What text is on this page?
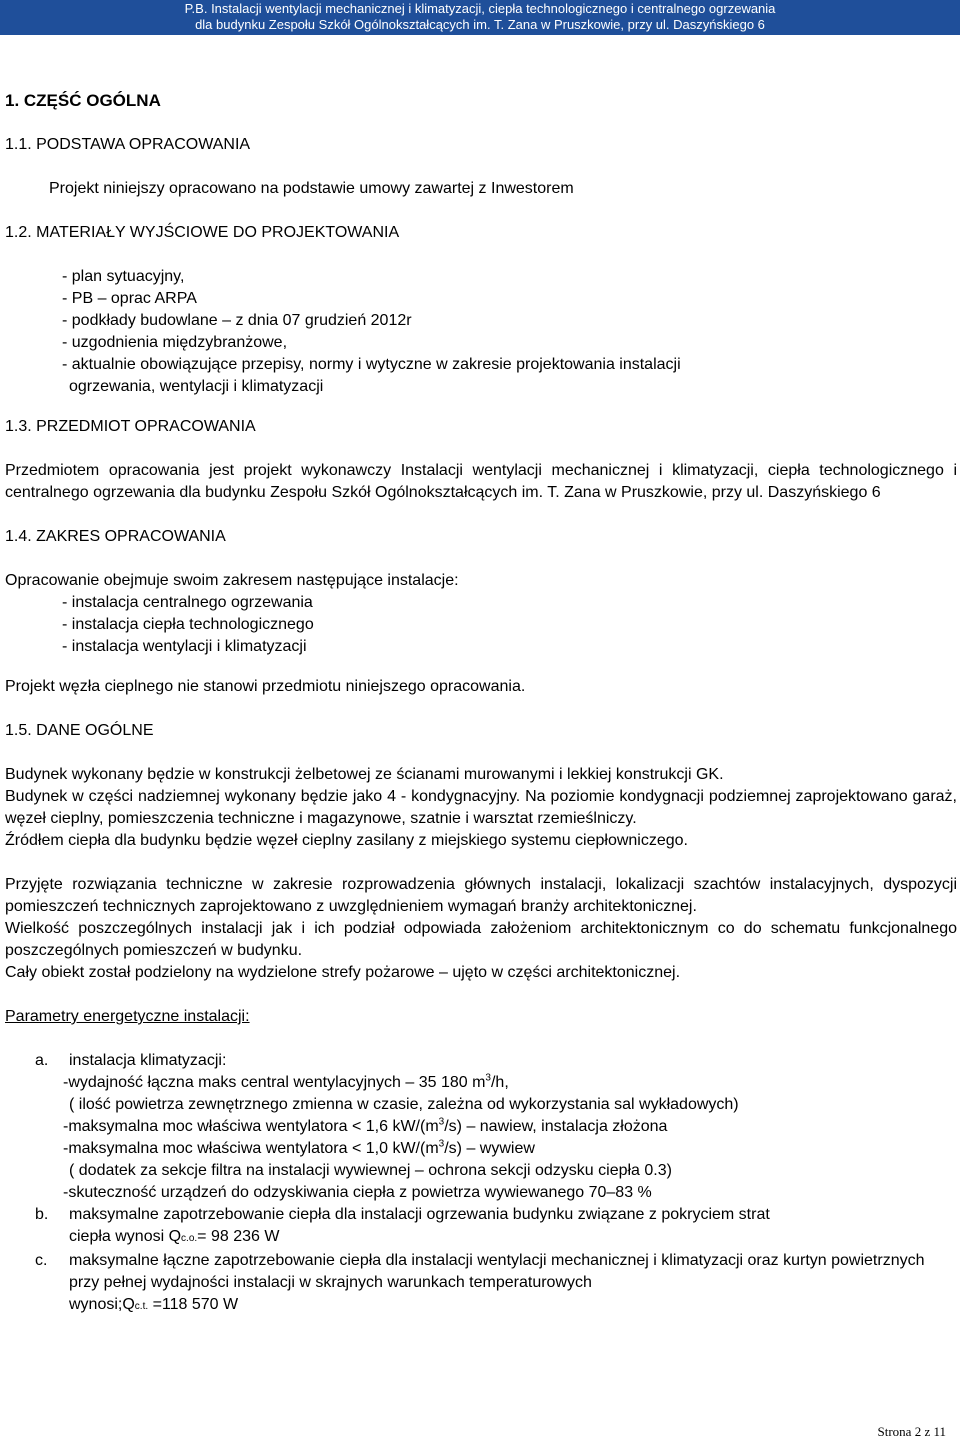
P.B. Instalacji wentylacji mechanicznej i klimatyzacji, ciepła technologicznego i centralnego ogrzewania
dla budynku Zespołu Szkół Ogólnokształcących im. T. Zana w Pruszkowie, przy ul. Daszyńskiego 6
1. CZĘŚĆ OGÓLNA
1.1. PODSTAWA OPRACOWANIA
Projekt niniejszy opracowano na podstawie umowy zawartej z Inwestorem
1.2. MATERIAŁY WYJŚCIOWE DO PROJEKTOWANIA
- plan sytuacyjny,
- PB – oprac ARPA
- podkłady budowlane – z dnia 07 grudzień 2012r
- uzgodnienia międzybranżowe,
- aktualnie obowiązujące przepisy, normy i wytyczne w zakresie projektowania instalacji
ogrzewania, wentylacji i klimatyzacji
1.3. PRZEDMIOT OPRACOWANIA
Przedmiotem opracowania jest projekt wykonawczy Instalacji wentylacji mechanicznej i klimatyzacji, ciepła technologicznego i centralnego ogrzewania dla budynku Zespołu Szkół Ogólnokształcących im. T. Zana w Pruszkowie, przy ul. Daszyńskiego 6
1.4. ZAKRES OPRACOWANIA
Opracowanie obejmuje swoim zakresem następujące instalacje:
- instalacja centralnego ogrzewania
- instalacja ciepła technologicznego
- instalacja wentylacji i klimatyzacji
Projekt węzła cieplnego nie stanowi przedmiotu niniejszego opracowania.
1.5. DANE OGÓLNE
Budynek wykonany będzie w konstrukcji żelbetowej ze ścianami murowanymi i lekkiej konstrukcji GK.
Budynek w części nadziemnej wykonany będzie jako 4 - kondygnacyjny. Na poziomie kondygnacji podziemnej zaprojektowano garaż, węzeł cieplny, pomieszczenia techniczne i magazynowe, szatnie i warsztat rzemieślniczy.
Źródłem ciepła dla budynku będzie węzeł cieplny zasilany z miejskiego systemu ciepłowniczego.
Przyjęte rozwiązania techniczne w zakresie rozprowadzenia głównych instalacji, lokalizacji szachtów instalacyjnych, dyspozycji pomieszczeń technicznych zaprojektowano z uwzględnieniem wymagań branży architektonicznej.
Wielkość poszczególnych instalacji jak i ich podział odpowiada założeniom architektonicznym co do schematu funkcjonalnego poszczególnych pomieszczeń w budynku.
Cały obiekt został podzielony na wydzielone strefy pożarowe – ujęto w części architektonicznej.
Parametry energetyczne instalacji:
a. instalacja klimatyzacji:
-wydajność łączna maks central wentylacyjnych – 35 180 $m^3/h$,
( ilość powietrza zewnętrznego zmienna w czasie, zależna od wykorzystania sal wykładowych)
-maksymalna moc właściwa wentylatora < 1,6 $kW/(m^3/s)$ – nawiew, instalacja złożona
-maksymalna moc właściwa wentylatora < 1,0 $kW/(m^3/s)$ – wywiew
( dodatek za sekcje filtra na instalacji wywiewnej – ochrona sekcji odzysku ciepła 0.3)
-skuteczność urządzeń do odzyskiwania ciepła z powietrza wywiewanego 70–83 %
b. maksymalne zapotrzebowanie ciepła dla instalacji ogrzewania budynku związane z pokryciem strat
ciepła wynosi Qc.o.= 98 236 W
c. maksymalne łączne zapotrzebowanie ciepła dla instalacji wentylacji mechanicznej i klimatyzacji oraz kurtyn powietrznych przy pełnej wydajności instalacji w skrajnych warunkach temperaturowych
wynosi;Qc.t. =118 570 W
Strona 2 z 11
